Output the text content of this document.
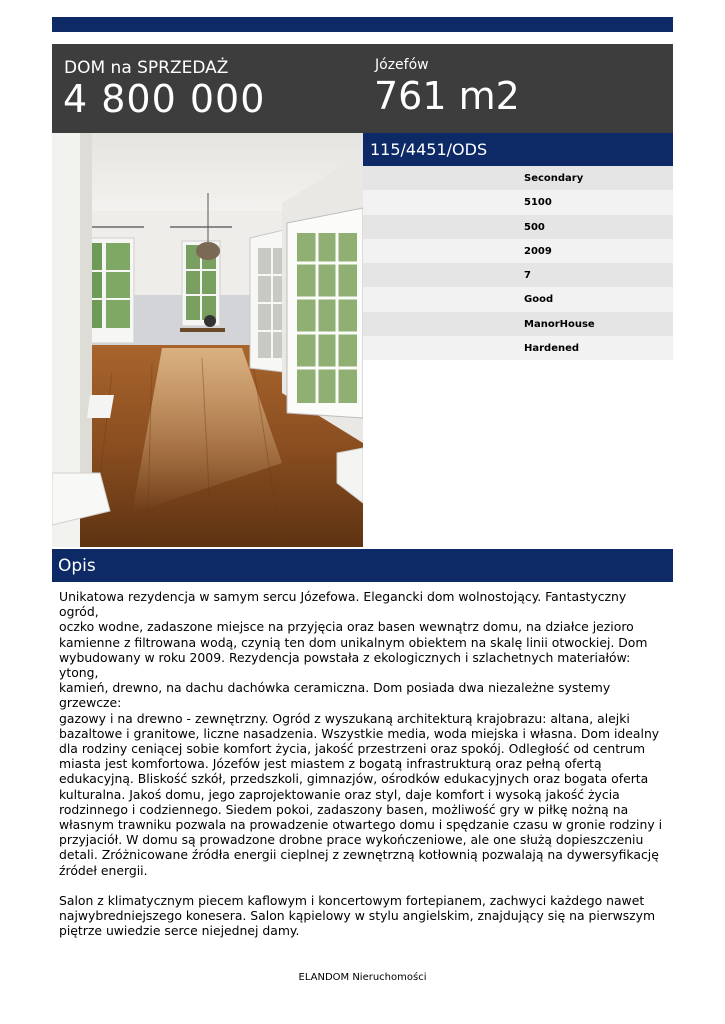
DOM na SPRZEDAŻ
4 800 000
Józefów
761 m2
115/4451/ODS
Secondary
5100
500
2009
7
Good
ManorHouse
Hardened
Opis

Unikatowa rezydencja w samym sercu Józefowa. Elegancki dom wolnostojący. Fantastyczny ogród,
oczko wodne, zadaszone miejsce na przyjęcia oraz basen wewnątrz domu, na działce jezioro
kamienne z filtrowana wodą, czynią ten dom unikalnym obiektem na skalę linii otwockiej. Dom
wybudowany w roku 2009. Rezydencja powstała z ekologicznych i szlachetnych materiałów: ytong,
kamień, drewno, na dachu dachówka ceramiczna. Dom posiada dwa niezależne systemy grzewcze:
gazowy i na drewno - zewnętrzny. Ogród z wyszukaną architekturą krajobrazu: altana, alejki
bazaltowe i granitowe, liczne nasadzenia. Wszystkie media, woda miejska i własna. Dom idealny
dla rodziny ceniącej sobie komfort życia, jakość przestrzeni oraz spokój. Odległość od centrum
miasta jest komfortowa. Józefów jest miastem z bogatą infrastrukturą oraz pełną ofertą
edukacyjną. Bliskość szkół, przedszkoli, gimnazjów, ośrodków edukacyjnych oraz bogata oferta
kulturalna. Jakoś domu, jego zaprojektowanie oraz styl, daje komfort i wysoką jakość życia
rodzinnego i codziennego. Siedem pokoi, zadaszony basen, możliwość gry w piłkę nożną na
własnym trawniku pozwala na prowadzenie otwartego domu i spędzanie czasu w gronie rodziny i
przyjaciół. W domu są prowadzone drobne prace wykończeniowe, ale one służą dopieszczeniu
detali. Zróżnicowane źródła energii cieplnej z zewnętrzną kotłownią pozwalają na dywersyfikację
źródeł energii.

Salon z klimatycznym piecem kaflowym i koncertowym fortepianem, zachwyci każdego nawet
najwybredniejszego konesera. Salon kąpielowy w stylu angielskim, znajdujący się na pierwszym
piętrze uwiedzie serce niejednej damy.

ELANDOM Nieruchomości
